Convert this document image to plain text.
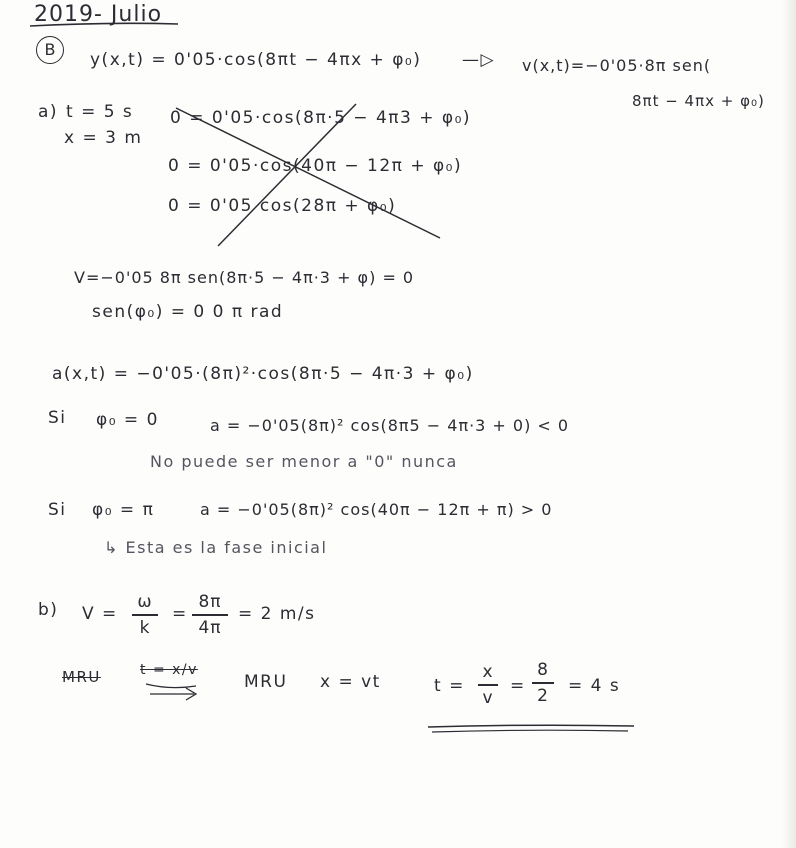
2019- Julio
B
y(x,t) = 0'05·cos(8πt − 4πx + φ₀) —▷ v(x,t)=−0'05·8π sen(
8πt − 4πx + φ₀)
a) t = 5 s
x = 3 m
0 = 0'05·cos(8π·5 − 4π3 + φ₀)
0 = 0'05·cos(40π − 12π + φ₀)
0 = 0'05 cos(28π + φ₀)
V=−0'05 8π sen(8π·5 − 4π·3 + φ) = 0
sen(φ₀) = 0 0 π rad
a(x,t) = −0'05·(8π)²·cos(8π·5 − 4π·3 + φ₀)
Si φ₀ = 0	a = −0'05(8π)² cos(8π5 − 4π·3 + 0) < 0
No puede ser menor a "0" nunca
Si φ₀ = π	a = −0'05(8π)² cos(40π − 12π + π) > 0
↳ Esta es la fase inicial
b) V =
ω
k
=
8π
4π
= 2 m/s
MRU	t = x/v
MRU x = vt	t =
x
v
=
8
2 = 4 s
